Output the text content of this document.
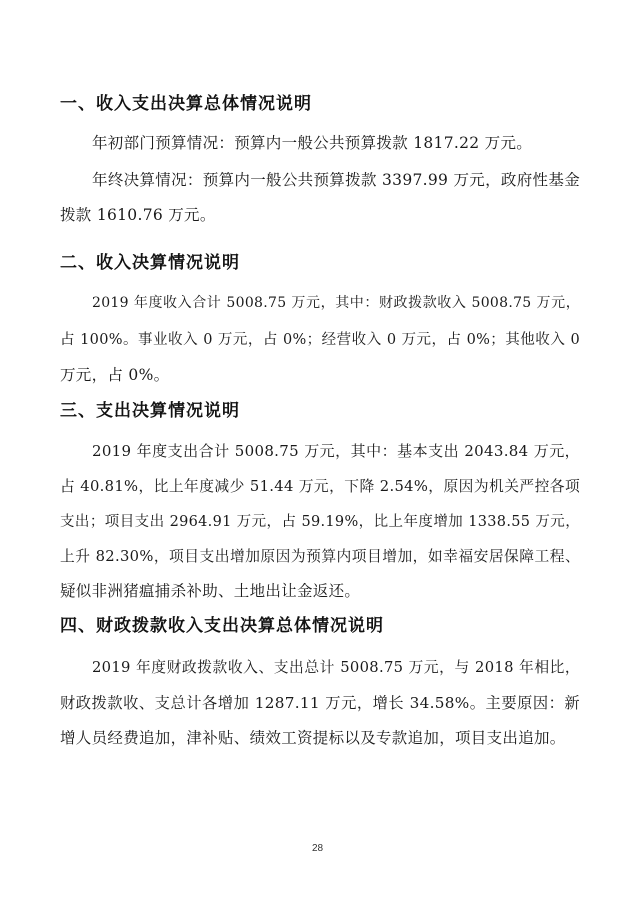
一、收入支出决算总体情况说明
年初部门预算情况：预算内一般公共预算拨款 1817.22 万元。
年终决算情况：预算内一般公共预算拨款 3397.99 万元，政府性基金
拨款 1610.76 万元。
二、收入决算情况说明
2019 年度收入合计 5008.75 万元，其中：财政拨款收入 5008.75 万元，
占 100%。事业收入 0 万元，占 0%；经营收入 0 万元，占 0%；其他收入 0
万元，占 0%。
三、支出决算情况说明
2019 年度支出合计 5008.75 万元，其中：基本支出 2043.84 万元，
占 40.81%，比上年度减少 51.44 万元，下降 2.54%，原因为机关严控各项
支出；项目支出 2964.91 万元，占 59.19%，比上年度增加 1338.55 万元，
上升 82.30%，项目支出增加原因为预算内项目增加，如幸福安居保障工程、
疑似非洲猪瘟捕杀补助、土地出让金返还。
四、财政拨款收入支出决算总体情况说明
2019 年度财政拨款收入、支出总计 5008.75 万元，与 2018 年相比，
财政拨款收、支总计各增加 1287.11 万元，增长 34.58%。主要原因：新
增人员经费追加，津补贴、绩效工资提标以及专款追加，项目支出追加。
28
